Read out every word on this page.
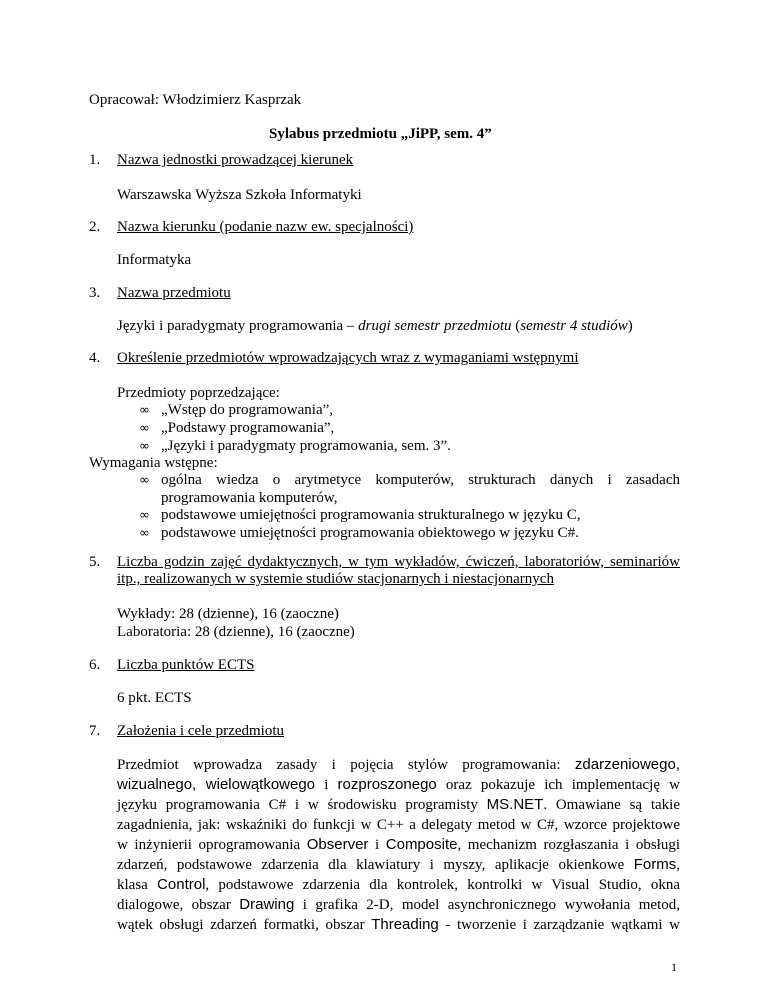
Opracował: Włodzimierz Kasprzak
Sylabus przedmiotu „JiPP, sem. 4”
1. Nazwa jednostki prowadzącej kierunek
Warszawska Wyższa Szkoła Informatyki
2. Nazwa kierunku (podanie nazw ew. specjalności)
Informatyka
3. Nazwa przedmiotu
Języki i paradygmaty programowania – drugi semestr przedmiotu (semestr 4 studiów)
4. Określenie przedmiotów wprowadzających wraz z wymaganiami wstępnymi
Przedmioty poprzedzające:
∞ „Wstęp do programowania”,
∞ „Podstawy programowania”,
∞ „Języki i paradygmaty programowania, sem. 3”.
Wymagania wstępne:
∞ ogólna wiedza o arytmetyce komputerów, strukturach danych i zasadach
programowania komputerów,
∞ podstawowe umiejętności programowania strukturalnego w języku C,
∞ podstawowe umiejętności programowania obiektowego w języku C#.
5. Liczba godzin zajęć dydaktycznych, w tym wykładów, ćwiczeń, laboratoriów, seminariów
itp., realizowanych w systemie studiów stacjonarnych i niestacjonarnych
Wykłady: 28 (dzienne), 16 (zaoczne)
Laboratoria: 28 (dzienne), 16 (zaoczne)
6. Liczba punktów ECTS
6 pkt. ECTS
7. Założenia i cele przedmiotu
Przedmiot wprowadza zasady i pojęcia stylów programowania: zdarzeniowego,
wizualnego, wielowątkowego i rozproszonego oraz pokazuje ich implementację w
języku programowania C# i w środowisku programisty MS.NET. Omawiane są takie
zagadnienia, jak: wskaźniki do funkcji w C++ a delegaty metod w C#, wzorce projektowe
w inżynierii oprogramowania Observer i Composite, mechanizm rozgłaszania i obsługi
zdarzeń, podstawowe zdarzenia dla klawiatury i myszy, aplikacje okienkowe Forms,
klasa Control, podstawowe zdarzenia dla kontrolek, kontrolki w Visual Studio, okna
dialogowe, obszar Drawing i grafika 2-D, model asynchronicznego wywołania metod,
wątek obsługi zdarzeń formatki, obszar Threading - tworzenie i zarządzanie wątkami w
1
